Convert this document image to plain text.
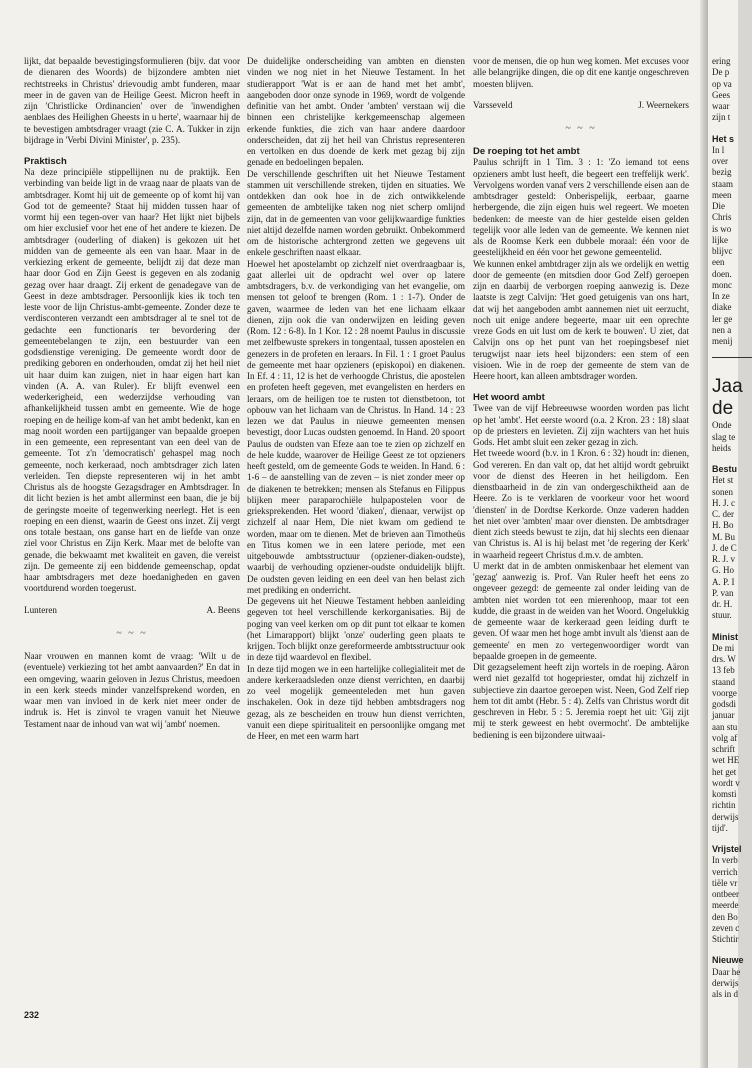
lijkt, dat bepaalde bevestigingsformulieren (bijv. dat voor de dienaren des Woords) de bijzondere ambten niet rechtstreeks in Christus' drievoudig ambt funderen, maar meer in de gaven van de Heilige Geest. Micron heeft in zijn 'Christlicke Ordinancien' over de 'inwendighen aenblaes des Heilighen Gheests in u herte', waarnaar hij de te bevestigen ambtsdrager vraagt (zie C. A. Tukker in zijn bijdrage in 'Verbi Divini Minister', p. 235).

Praktisch

Na deze principiële stippellijnen nu de praktijk. Een verbinding van beide ligt in de vraag naar de plaats van de ambtsdrager. Komt hij uit de gemeente op of komt hij van God tot de gemeente? Staat hij midden tussen haar of vormt hij een tegen-over van haar? Het lijkt niet bijbels om hier exclusief voor het ene of het andere te kiezen. De ambtsdrager (ouderling of diaken) is gekozen uit het midden van de gemeente als een van haar. Maar in de verkiezing erkent de gemeente, belijdt zij dat deze man haar door God en Zijn Geest is gegeven en als zodanig gezag over haar draagt. Zij erkent de genadegave van de Geest in deze ambtsdrager. Persoonlijk kies ik toch ten leste voor de lijn Christus-ambt-gemeente. Zonder deze te verdisconteren verzandt een ambtsdrager al te snel tot de gedachte een functionaris ter bevordering der gemeentebelangen te zijn, een bestuurder van een godsdienstige vereniging. De gemeente wordt door de prediking geboren en onderhouden, omdat zij het heil niet uit haar duim kan zuigen, niet in haar eigen hart kan vinden (A. A. van Ruler). Er blijft evenwel een wederkerigheid, een wederzijdse verhouding van afhankelijkheid tussen ambt en gemeente. Wie de hoge roeping en de heilige kom-af van het ambt bedenkt, kan en mag nooit worden een partijganger van bepaalde groepen in een gemeente, een representant van een deel van de gemeente. Tot z'n 'democratisch' gehaspel mag noch gemeente, noch kerkeraad, noch ambtsdrager zich laten verleiden. Ten diepste representeren wij in het ambt Christus als de hoogste Gezagsdrager en Ambtsdrager. In dit licht bezien is het ambt allerminst een baan, die je bij de geringste moeite of tegenwerking neerlegt. Het is een roeping en een dienst, waarin de Geest ons inzet. Zij vergt ons totale bestaan, ons ganse hart en de liefde van onze ziel voor Christus en Zijn Kerk. Maar met de belofte van genade, die bekwaamt met kwaliteit en gaven, die vereist zijn. De gemeente zij een biddende gemeenschap, opdat haar ambtsdragers met deze hoedanigheden en gaven voortdurend worden toegerust.

Lunteren	A. Beens
~ ~ ~

Naar vrouwen en mannen komt de vraag: 'Wilt u de (eventuele) verkiezing tot het ambt aanvaarden?' En dat in een omgeving, waarin geloven in Jezus Christus, meedoen in een kerk steeds minder vanzelfsprekend worden, en waar men van invloed in de kerk niet meer onder de indruk is. Het is zinvol te vragen vanuit het Nieuwe Testament naar de inhoud van wat wij 'ambt' noemen.

De duidelijke onderscheiding van ambten en diensten vinden we nog niet in het Nieuwe Testament. In het studierapport 'Wat is er aan de hand met het ambt', aangeboden door onze synode in 1969, wordt de volgende definitie van het ambt. Onder 'ambten' verstaan wij die binnen een christelijke kerkgemeenschap algemeen erkende funkties, die zich van haar andere daardoor onderscheiden, dat zij het heil van Christus representeren en vertolken en dus doende de kerk met gezag bij zijn genade en bedoelingen bepalen.

De verschillende geschriften uit het Nieuwe Testament stammen uit verschillende streken, tijden en situaties. We ontdekken dan ook hoe in de zich ontwikkelende gemeenten de ambtelijke taken nog niet scherp omlijnd zijn, dat in de gemeenten van voor gelijkwaardige funkties niet altijd dezelfde namen worden gebruikt. Onbekommerd om de historische achtergrond zetten we gegevens uit enkele geschriften naast elkaar.

Hoewel het apostelambt op zichzelf niet overdraagbaar is, gaat allerlei uit de opdracht wel over op latere ambtsdragers, b.v. de verkondiging van het evangelie, om mensen tot geloof te brengen (Rom. 1 : 1-7). Onder de gaven, waarmee de leden van het ene lichaam elkaar dienen, zijn ook die van onderwijzen en leiding geven (Rom. 12 : 6-8). In 1 Kor. 12 : 28 noemt Paulus in discussie met zelfbewuste sprekers in tongentaal, tussen apostelen en genezers in de profeten en leraars. In Fil. 1 : 1 groet Paulus de gemeente met haar opzieners (episkopoi) en diakenen. In Ef. 4 : 11, 12 is het de verhoogde Christus, die apostelen en profeten heeft gegeven, met evangelisten en herders en leraars, om de heiligen toe te rusten tot dienstbetoon, tot opbouw van het lichaam van de Christus. In Hand. 14 : 23 lezen we dat Paulus in nieuwe gemeenten mensen bevestigt, door Lucas oudsten genoemd. In Hand. 20 spoort Paulus de oudsten van Efeze aan toe te zien op zichzelf en de hele kudde, waarover de Heilige Geest ze tot opzieners heeft gesteld, om de gemeente Gods te weiden. In Hand. 6 : 1-6 – de aanstelling van de zeven – is niet zonder meer op de diakenen te betrekken; mensen als Stefanus en Filippus blijken meer paraparochiële hulpapostelen voor de grieksprekenden. Het woord 'diaken', dienaar, verwijst op zichzelf al naar Hem, Die niet kwam om gediend te worden, maar om te dienen. Met de brieven aan Timotheüs en Titus komen we in een latere periode, met een uitgebouwde ambtsstructuur (opziener-diaken-oudste), waarbij de verhouding opziener-oudste onduidelijk blijft. De oudsten geven leiding en een deel van hen belast zich met prediking en onderricht.

De gegevens uit het Nieuwe Testament hebben aanleiding gegeven tot heel verschillende kerkorganisaties. Bij de poging van veel kerken om op dit punt tot elkaar te komen (het Limarapport) blijkt 'onze' ouderling geen plaats te krijgen. Toch blijkt onze gereformeerde ambtsstructuur ook in deze tijd waardevol en flexibel.

In deze tijd mogen we in een hartelijke collegialiteit met de andere kerkeraadsleden onze dienst verrichten, en daarbij zo veel mogelijk gemeenteleden met hun gaven inschakelen. Ook in deze tijd hebben ambtsdragers nog gezag, als ze bescheiden en trouw hun dienst verrichten, vanuit een diepe spiritualiteit en persoonlijke omgang met de Heer, en met een warm hart

voor de mensen, die op hun weg komen. Met excuses voor alle belangrijke dingen, die op dit ene kantje ongeschreven moesten blijven.

Varsseveld	J. Weernekers
~ ~ ~
De roeping tot het ambt

Paulus schrijft in 1 Tim. 3 : 1: 'Zo iemand tot eens opzieners ambt lust heeft, die begeert een treffelijk werk'. Vervolgens worden vanaf vers 2 verschillende eisen aan de ambtsdrager gesteld: Onberispelijk, eerbaar, gaarne herbergende, die zijn eigen huis wel regeert. We moeten bedenken: de meeste van de hier gestelde eisen gelden tegelijk voor alle leden van de gemeente. We kennen niet als de Roomse Kerk een dubbele moraal: één voor de geestelijkheid en één voor het gewone gemeentelid.

We kunnen enkel ambtdrager zijn als we ordelijk en wettig door de gemeente (en mitsdien door God Zelf) geroepen zijn en daarbij de verborgen roeping aanwezig is. Deze laatste is zegt Calvijn: 'Het goed getuigenis van ons hart, dat wij het aangeboden ambt aannemen niet uit eerzucht, noch uit enige andere begeerte, maar uit een oprechte vreze Gods en uit lust om de kerk te bouwen'. U ziet, dat Calvijn ons op het punt van het roepingsbesef niet terugwijst naar iets heel bijzonders: een stem of een visioen. Wie in de roep der gemeente de stem van de Heere hoort, kan alleen ambtsdrager worden.

Het woord ambt

Twee van de vijf Hebreeuwse woorden worden pas licht op het 'ambt'. Het eerste woord (o.a. 2 Kron. 23 : 18) slaat op de priesters en levieten. Zij zijn wachters van het huis Gods. Het ambt sluit een zeker gezag in zich.

Het tweede woord (b.v. in 1 Kron. 6 : 32) houdt in: dienen, God vereren. En dan valt op, dat het altijd wordt gebruikt voor de dienst des Heeren in het heiligdom. Een dienstbaarheid in de zin van ondergeschiktheid aan de Heere. Zo is te verklaren de voorkeur voor het woord 'diensten' in de Dordtse Kerkorde. Onze vaderen hadden het niet over 'ambten' maar over diensten. De ambtsdrager dient zich steeds bewust te zijn, dat hij slechts een dienaar van Christus is. Al is hij belast met 'de regering der Kerk' in waarheid regeert Christus d.m.v. de ambten.

U merkt dat in de ambten onmiskenbaar het element van 'gezag' aanwezig is. Prof. Van Ruler heeft het eens zo ongeveer gezegd: de gemeente zal onder leiding van de ambten niet worden tot een mierenhoop, maar tot een kudde, die graast in de weiden van het Woord. Ongelukkig de gemeente waar de kerkeraad geen leiding durft te geven. Of waar men het hoge ambt invult als 'dienst aan de gemeente' en men zo vertegenwoordiger wordt van bepaalde groepen in de gemeente.

Dit gezagselement heeft zijn wortels in de roeping. Aäron werd niet gezalfd tot hogepriester, omdat hij zichzelf in subjectieve zin daartoe geroepen wist. Neen, God Zelf riep hem tot dit ambt (Hebr. 5 : 4). Zelfs van Christus wordt dit geschreven in Hebr. 5 : 5. Jeremia roept het uit: 'Gij zijt mij te sterk geweest en hebt overmocht'. De ambtelijke bediening is een bijzondere uitwaai-

ering
De p
op va
Gees
waar
zijn t
Het s
In l
over
bezig
staam
meen
Die
Chris
is wo
lijke
blijvc
een
doen.
monc
In ze
diake
ler ge
nen a
menij
Jaa
de
Onde
slag te
heids
Bestu
Het st
sonen
H. J. c
C. der
H. Bo
M. Bu
J. de C
R. J. v
G. Ho
A. P. I
P. van
dr. H.
stuur.
Minist
De mi
drs. W
13 feb
staand
voorge
godsdi
januar
aan stu
volg af
schrift
wet HE
het get
wordt v
komsti
richtin
derwijs
tijd'.
Vrijstel
In verb
verrich
tiële vr
ontbeer
meerde
den Bo
zeven c
Stichtir
Nieuwe
Daar he
derwijs
als in d
232
